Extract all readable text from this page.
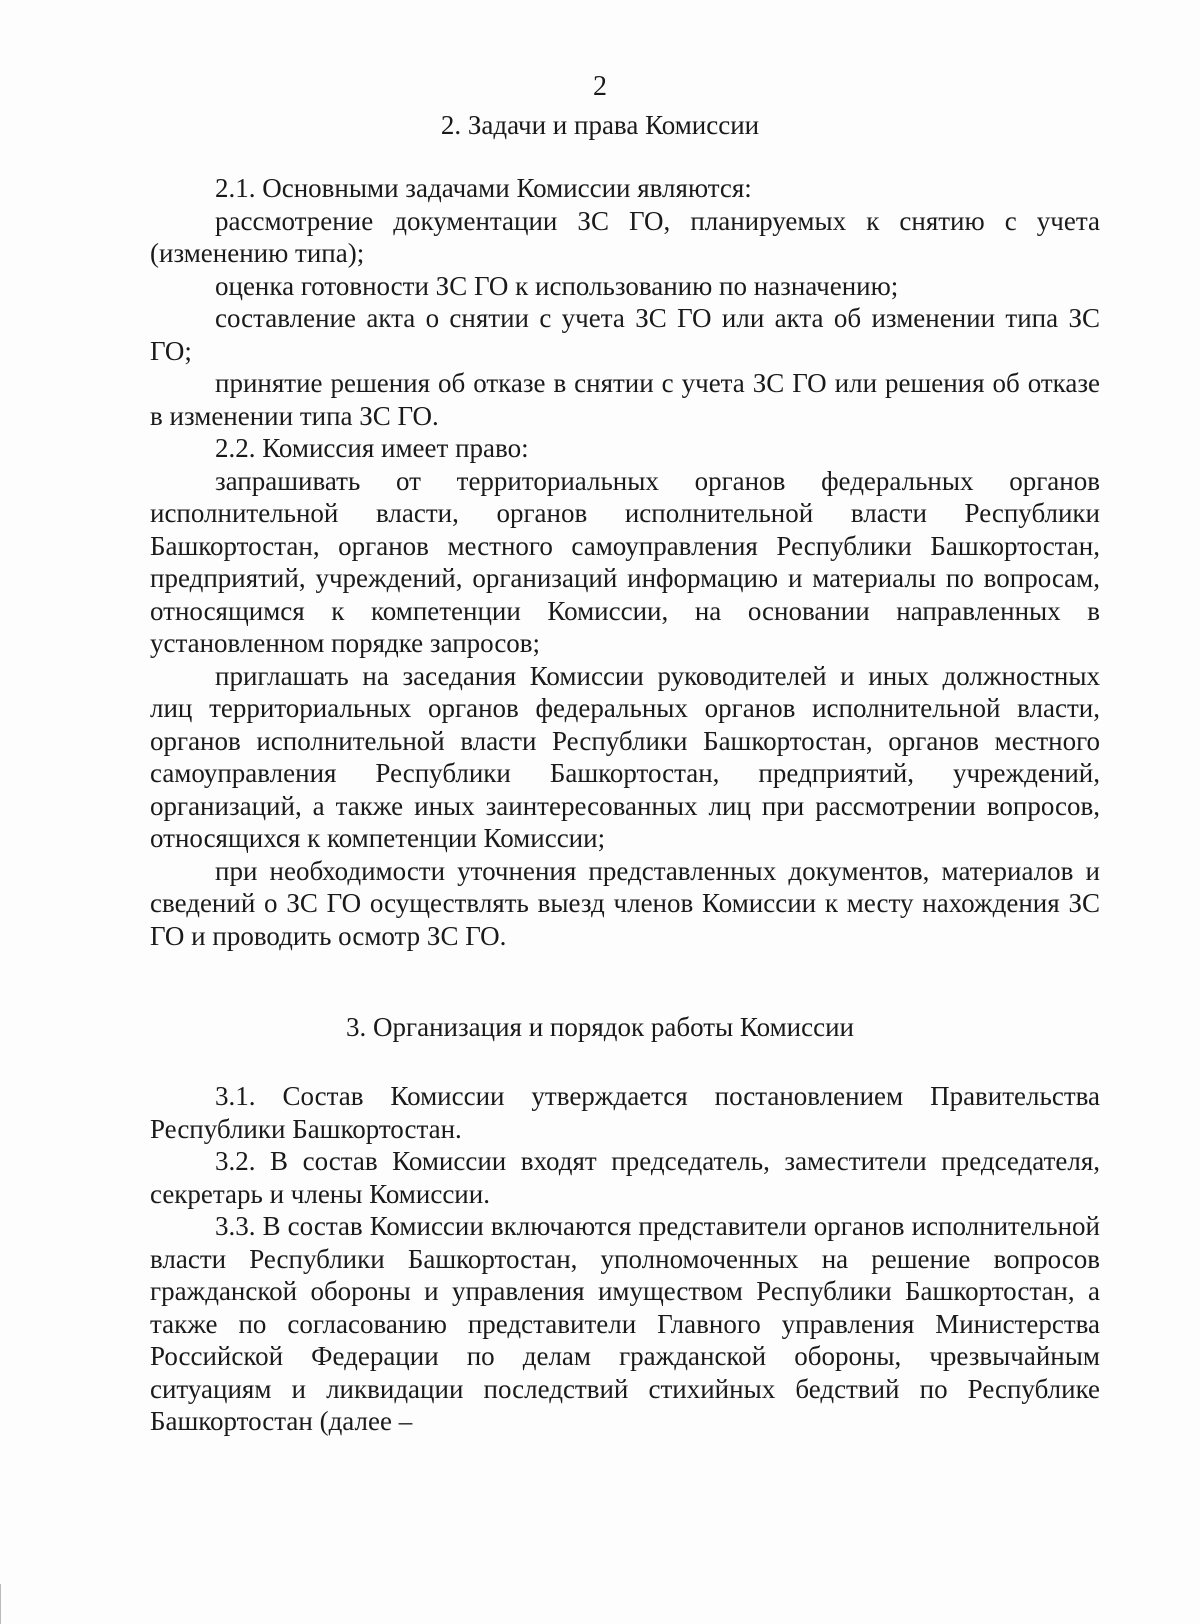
2
2. Задачи и права Комиссии

2.1. Основными задачами Комиссии являются:

рассмотрение документации ЗС ГО, планируемых к снятию с учета (изменению типа);

оценка готовности ЗС ГО к использованию по назначению;

составление акта о снятии с учета ЗС ГО или акта об изменении типа ЗС ГО;

принятие решения об отказе в снятии с учета ЗС ГО или решения об отказе в изменении типа ЗС ГО.

2.2. Комиссия имеет право:

запрашивать от территориальных органов федеральных органов исполнительной власти, органов исполнительной власти Республики Башкортостан, органов местного самоуправления Республики Башкортостан, предприятий, учреждений, организаций информацию и материалы по вопросам, относящимся к компетенции Комиссии, на основании направленных в установленном порядке запросов;

приглашать на заседания Комиссии руководителей и иных должностных лиц территориальных органов федеральных органов исполнительной власти, органов исполнительной власти Республики Башкортостан, органов местного самоуправления Республики Башкортостан, предприятий, учреждений, организаций, а также иных заинтересованных лиц при рассмотрении вопросов, относящихся к компетенции Комиссии;

при необходимости уточнения представленных документов, материалов и сведений о ЗС ГО осуществлять выезд членов Комиссии к месту нахождения ЗС ГО и проводить осмотр ЗС ГО.

3. Организация и порядок работы Комиссии

3.1. Состав Комиссии утверждается постановлением Правительства Республики Башкортостан.

3.2. В состав Комиссии входят председатель, заместители председателя, секретарь и члены Комиссии.

3.3. В состав Комиссии включаются представители органов исполнительной власти Республики Башкортостан, уполномоченных на решение вопросов гражданской обороны и управления имуществом Республики Башкортостан, а также по согласованию представители Главного управления Министерства Российской Федерации по делам гражданской обороны, чрезвычайным ситуациям и ликвидации последствий стихийных бедствий по Республике Башкортостан (далее –
